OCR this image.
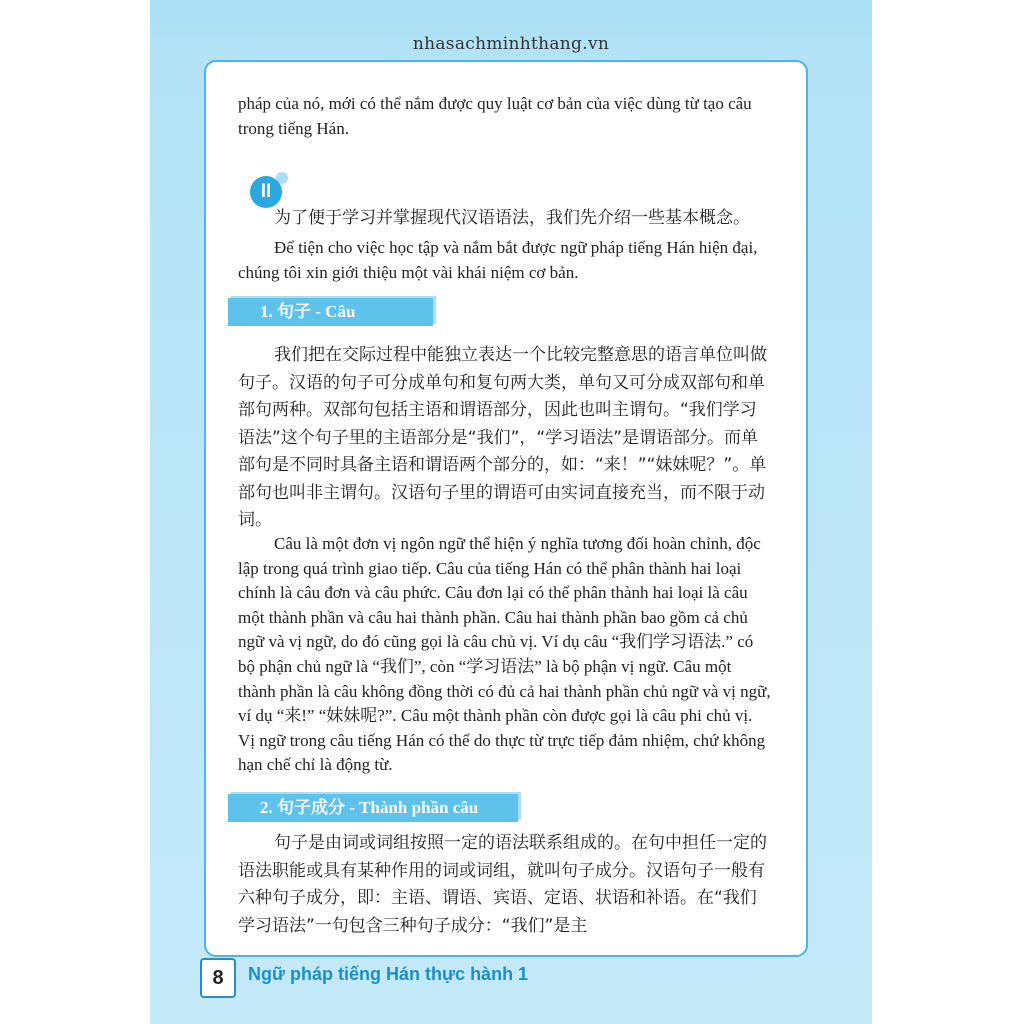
nhasachminhthang.vn

pháp của nó, mới có thể nắm được quy luật cơ bản của việc dùng từ tạo câu trong tiếng Hán.

II

为了便于学习并掌握现代汉语语法，我们先介绍一些基本概念。

Để tiện cho việc học tập và nắm bắt được ngữ pháp tiếng Hán hiện đại, chúng tôi xin giới thiệu một vài khái niệm cơ bản.

1. 句子 - Câu

我们把在交际过程中能独立表达一个比较完整意思的语言单位叫做句子。汉语的句子可分成单句和复句两大类，单句又可分成双部句和单部句两种。双部句包括主语和谓语部分，因此也叫主谓句。“我们学习语法”这个句子里的主语部分是“我们”，“学习语法”是谓语部分。而单部句是不同时具备主语和谓语两个部分的，如：“来！”“妹妹呢？”。单部句也叫非主谓句。汉语句子里的谓语可由实词直接充当，而不限于动词。

Câu là một đơn vị ngôn ngữ thể hiện ý nghĩa tương đối hoàn chỉnh, độc lập trong quá trình giao tiếp. Câu của tiếng Hán có thể phân thành hai loại chính là câu đơn và câu phức. Câu đơn lại có thể phân thành hai loại là câu một thành phần và câu hai thành phần. Câu hai thành phần bao gồm cả chủ ngữ và vị ngữ, do đó cũng gọi là câu chủ vị. Ví dụ câu “我们学习语法.” có bộ phận chủ ngữ là “我们”, còn “学习语法” là bộ phận vị ngữ. Câu một thành phần là câu không đồng thời có đủ cả hai thành phần chủ ngữ và vị ngữ, ví dụ “来!” “妹妹呢?”. Câu một thành phần còn được gọi là câu phi chủ vị. Vị ngữ trong câu tiếng Hán có thể do thực từ trực tiếp đảm nhiệm, chứ không hạn chế chỉ là động từ.

2. 句子成分 - Thành phần câu

句子是由词或词组按照一定的语法联系组成的。在句中担任一定的语法职能或具有某种作用的词或词组，就叫句子成分。汉语句子一般有六种句子成分，即：主语、谓语、宾语、定语、状语和补语。在“我们学习语法”一句包含三种句子成分：“我们”是主

8	Ngữ pháp tiếng Hán thực hành 1
